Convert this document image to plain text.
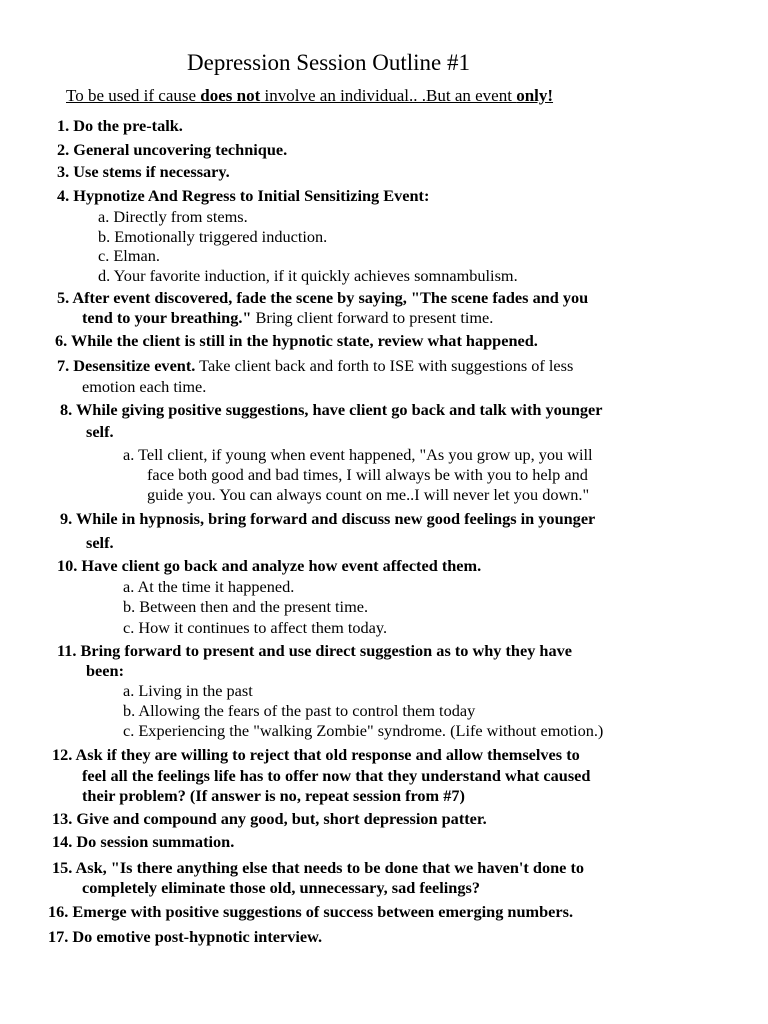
Depression Session Outline #1
To be used if cause does not involve an individual.. .But an event only!
1. Do the pre-talk.
2. General uncovering technique.
3. Use stems if necessary.
4. Hypnotize And Regress to Initial Sensitizing Event:
a. Directly from stems.
b. Emotionally triggered induction.
c. Elman.
d. Your favorite induction, if it quickly achieves somnambulism.
5. After event discovered, fade the scene by saying, "The scene fades and you
tend to your breathing." Bring client forward to present time.
6. While the client is still in the hypnotic state, review what happened.
7. Desensitize event. Take client back and forth to ISE with suggestions of less
emotion each time.
8. While giving positive suggestions, have client go back and talk with younger
self.
a. Tell client, if young when event happened, "As you grow up, you will
face both good and bad times, I will always be with you to help and
guide you. You can always count on me..I will never let you down."
9. While in hypnosis, bring forward and discuss new good feelings in younger
self.
10. Have client go back and analyze how event affected them.
a. At the time it happened.
b. Between then and the present time.
c. How it continues to affect them today.
11. Bring forward to present and use direct suggestion as to why they have
been:
a. Living in the past
b. Allowing the fears of the past to control them today
c. Experiencing the "walking Zombie" syndrome. (Life without emotion.)
12. Ask if they are willing to reject that old response and allow themselves to
feel all the feelings life has to offer now that they understand what caused
their problem? (If answer is no, repeat session from #7)
13. Give and compound any good, but, short depression patter.
14. Do session summation.
15. Ask, "Is there anything else that needs to be done that we haven't done to
completely eliminate those old, unnecessary, sad feelings?
16. Emerge with positive suggestions of success between emerging numbers.
17. Do emotive post-hypnotic interview.
